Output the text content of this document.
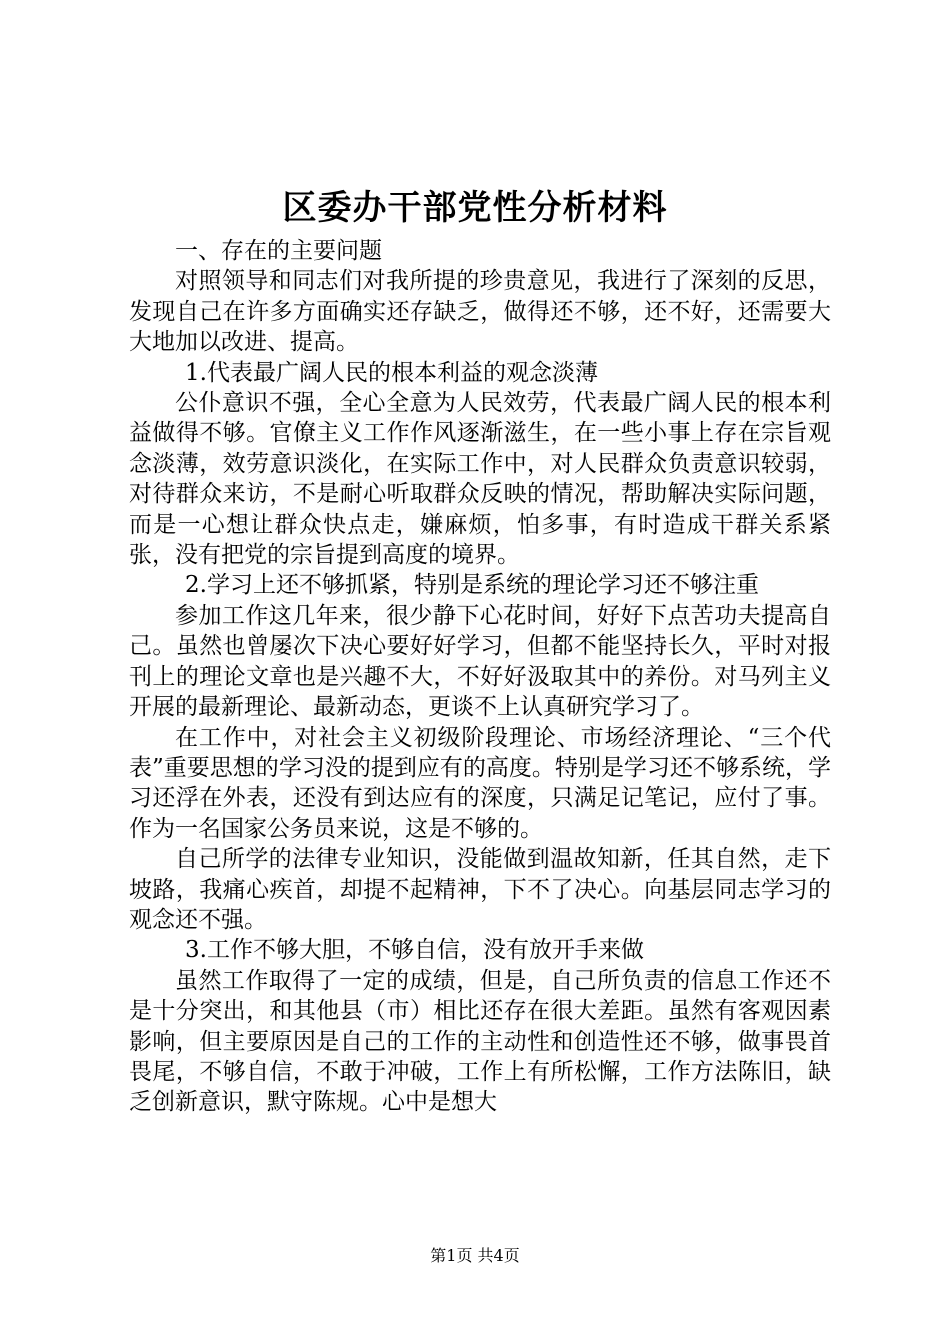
区委办干部党性分析材料

一、存在的主要问题

对照领导和同志们对我所提的珍贵意见，我进行了深刻的反思，发现自己在许多方面确实还存缺乏，做得还不够，还不好，还需要大大地加以改进、提高。

1.代表最广阔人民的根本利益的观念淡薄

公仆意识不强，全心全意为人民效劳，代表最广阔人民的根本利益做得不够。官僚主义工作作风逐渐滋生，在一些小事上存在宗旨观念淡薄，效劳意识淡化，在实际工作中，对人民群众负责意识较弱，对待群众来访，不是耐心听取群众反映的情况，帮助解决实际问题，而是一心想让群众快点走，嫌麻烦，怕多事，有时造成干群关系紧张，没有把党的宗旨提到高度的境界。

2.学习上还不够抓紧，特别是系统的理论学习还不够注重

参加工作这几年来，很少静下心花时间，好好下点苦功夫提高自己。虽然也曾屡次下决心要好好学习，但都不能坚持长久，平时对报刊上的理论文章也是兴趣不大，不好好汲取其中的养份。对马列主义开展的最新理论、最新动态，更谈不上认真研究学习了。

在工作中，对社会主义初级阶段理论、市场经济理论、“三个代表”重要思想的学习没的提到应有的高度。特别是学习还不够系统，学习还浮在外表，还没有到达应有的深度，只满足记笔记，应付了事。作为一名国家公务员来说，这是不够的。

自己所学的法律专业知识，没能做到温故知新，任其自然，走下坡路，我痛心疾首，却提不起精神，下不了决心。向基层同志学习的观念还不强。

3.工作不够大胆，不够自信，没有放开手来做

虽然工作取得了一定的成绩，但是，自己所负责的信息工作还不是十分突出，和其他县（市）相比还存在很大差距。虽然有客观因素影响，但主要原因是自己的工作的主动性和创造性还不够，做事畏首畏尾，不够自信，不敢于冲破，工作上有所松懈，工作方法陈旧，缺乏创新意识，默守陈规。心中是想大

第1页 共4页
